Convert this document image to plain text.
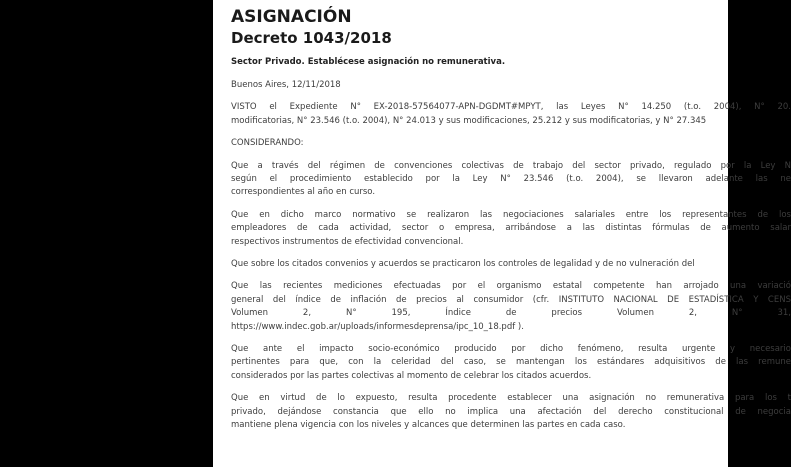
ASIGNACIÓN
Decreto 1043/2018
Sector Privado. Establécese asignación no remunerativa.
Buenos Aires, 12/11/2018
VISTO el Expediente N° EX-2018-57564077-APN-DGDMT#MPYT, las Leyes N° 14.250 (t.o. 2004), N° 20.
modificatorias, N° 23.546 (t.o. 2004), N° 24.013 y sus modificaciones, 25.212 y sus modificatorias, y N° 27.345
CONSIDERANDO:
Que a través del régimen de convenciones colectivas de trabajo del sector privado, regulado por la Ley N
según el procedimiento establecido por la Ley N° 23.546 (t.o. 2004), se llevaron adelante las ne
correspondientes al año en curso.
Que en dicho marco normativo se realizaron las negociaciones salariales entre los representantes de los
empleadores de cada actividad, sector o empresa, arribándose a las distintas fórmulas de aumento salar
respectivos instrumentos de efectividad convencional.
Que sobre los citados convenios y acuerdos se practicaron los controles de legalidad y de no vulneración del
Que las recientes mediciones efectuadas por el organismo estatal competente han arrojado una variació
general del índice de inflación de precios al consumidor (cfr. INSTITUTO NACIONAL DE ESTADÍSTICA Y CENS
Volumen 2, N° 195, Índice de precios Volumen 2, N° 31,
https://www.indec.gob.ar/uploads/informesdeprensa/ipc_10_18.pdf ).
Que ante el impacto socio-económico producido por dicho fenómeno, resulta urgente y necesario
pertinentes para que, con la celeridad del caso, se mantengan los estándares adquisitivos de las remune
considerados por las partes colectivas al momento de celebrar los citados acuerdos.
Que en virtud de lo expuesto, resulta procedente establecer una asignación no remunerativa para los t
privado, dejándose constancia que ello no implica una afectación del derecho constitucional de negocia
mantiene plena vigencia con los niveles y alcances que determinen las partes en cada caso.
